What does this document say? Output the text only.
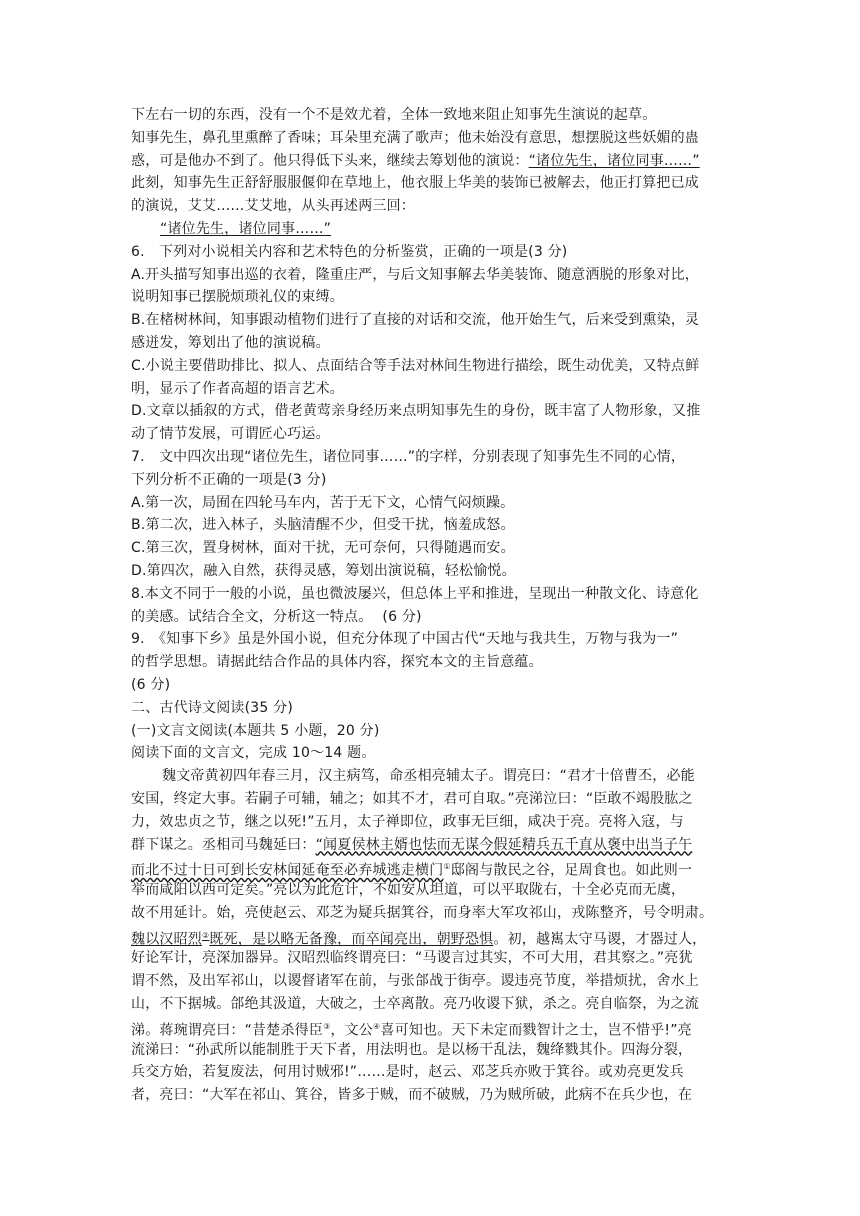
下左右一切的东西，没有一个不是效尤着，全体一致地来阻止知事先生演说的起草。
知事先生，鼻孔里熏醉了香味；耳朵里充满了歌声；他未始没有意思，想摆脱这些妖媚的蛊
惑，可是他办不到了。他只得低下头来，继续去筹划他的演说：“诸位先生，诸位同事……”
此刻，知事先生正舒舒服服偃仰在草地上，他衣服上华美的装饰已被解去，他正打算把已成
的演说，艾艾……艾艾地，从头再述两三回：
“诸位先生，诸位同事……”
6.　下列对小说相关内容和艺术特色的分析鉴赏，正确的一项是(3 分)
A.开头描写知事出巡的衣着，隆重庄严，与后文知事解去华美装饰、随意洒脱的形象对比，
说明知事已摆脱烦琐礼仪的束缚。
B.在楮树林间，知事跟动植物们进行了直接的对话和交流，他开始生气，后来受到熏染，灵
感迸发，筹划出了他的演说稿。
C.小说主要借助排比、拟人、点面结合等手法对林间生物进行描绘，既生动优美，又特点鲜
明，显示了作者高超的语言艺术。
D.文章以插叙的方式，借老黄莺亲身经历来点明知事先生的身份，既丰富了人物形象，又推
动了情节发展，可谓匠心巧运。
7.　文中四次出现“诸位先生，诸位同事……”的字样，分别表现了知事先生不同的心情，
下列分析不正确的一项是(3 分)
A.第一次，局囿在四轮马车内，苦于无下文，心情气闷烦躁。
B.第二次，进入林子，头脑清醒不少，但受干扰，恼羞成怒。
C.第三次，置身树林，面对干扰，无可奈何，只得随遇而安。
D.第四次，融入自然，获得灵感，筹划出演说稿，轻松愉悦。
8.本文不同于一般的小说，虽也微波屡兴，但总体上平和推进，呈现出一种散文化、诗意化
的美感。试结合全文，分析这一特点。 (6 分)
9.　《知事下乡》虽是外国小说，但充分体现了中国古代“天地与我共生，万物与我为一”
的哲学思想。请据此结合作品的具体内容，探究本文的主旨意蕴。
(6 分)
二、古代诗文阅读(35 分)
(一)文言文阅读(本题共 5 小题，20 分)
阅读下面的文言文，完成 10～14 题。
魏文帝黄初四年春三月，汉主病笃，命丞相亮辅太子。谓亮曰：“君才十倍曹丕，必能
安国，终定大事。若嗣子可辅，辅之；如其不才，君可自取。”亮涕泣曰：“臣敢不竭股肱之
力，效忠贞之节，继之以死!”五月，太子禅即位，政事无巨细，咸决于亮。亮将入寇，与
群下谋之。丞相司马魏延曰：“闻夏侯林主婿也怯而无谋今假延精兵五千直从褒中出当子午
而北不过十日可到长安林闻延奄至必弃城逃走横门①邸阁与散民之谷，足周食也。如此则一
举而咸阳以西可定矣。”亮以为此危计，不如安从坦道，可以平取陇右，十全必克而无虞，
故不用延计。始，亮使赵云、邓芝为疑兵据箕谷，而身率大军攻祁山，戎陈整齐，号令明肃。
魏以汉昭烈②既死，是以略无备豫，而卒闻亮出，朝野恐惧。初，越嶲太守马谡，才器过人，
好论军计，亮深加器异。汉昭烈临终谓亮曰：“马谡言过其实，不可大用，君其察之。”亮犹
谓不然，及出军祁山，以谡督诸军在前，与张郃战于街亭。谡违亮节度，举措烦扰，舍水上
山，不下据城。郃绝其汲道，大破之，士卒离散。亮乃收谡下狱，杀之。亮自临祭，为之流
涕。蒋琬谓亮曰：“昔楚杀得臣③，文公④喜可知也。天下未定而戮智计之士，岂不惜乎!”亮
流涕曰：“孙武所以能制胜于天下者，用法明也。是以杨干乱法，魏绛戮其仆。四海分裂，
兵交方始，若复废法，何用讨贼邪!”……是时，赵云、邓芝兵亦败于箕谷。或劝亮更发兵
者，亮曰：“大军在祁山、箕谷，皆多于贼，而不破贼，乃为贼所破，此病不在兵少也，在
